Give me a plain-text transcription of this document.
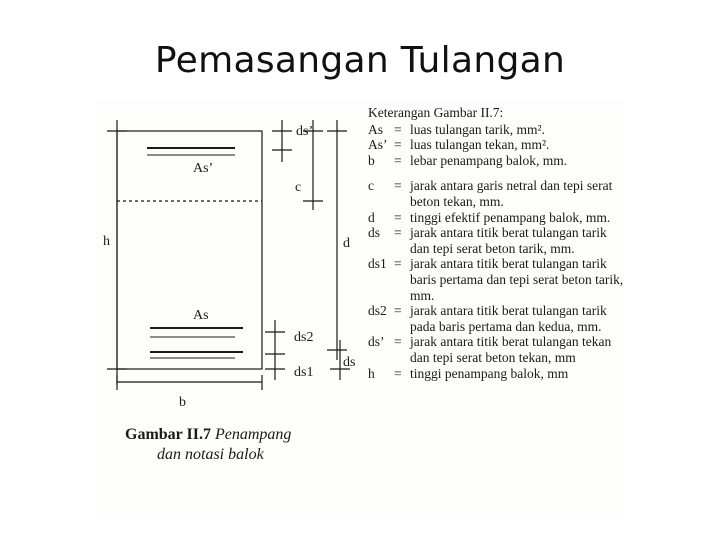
Pemasangan Tulangan
As’
ds’
c
h	d
As
ds2
ds1
ds
b
Gambar II.7 Penampang
dan notasi balok
Keterangan Gambar II.7:
As = luas tulangan tarik, mm².
As’ = luas tulangan tekan, mm².
b	= lebar penampang balok, mm.
c	= jarak antara garis netral dan tepi serat beton tekan, mm.
d	= tinggi efektif penampang balok, mm.
ds	= jarak antara titik berat tulangan tarik dan tepi serat beton tarik, mm.
ds1 = jarak antara titik berat tulangan tarik baris pertama dan tepi serat beton tarik, mm.
ds2 = jarak antara titik berat tulangan tarik pada baris pertama dan kedua, mm.
ds’ = jarak antara titik berat tulangan tekan dan tepi serat beton tekan, mm
h	= tinggi penampang balok, mm
